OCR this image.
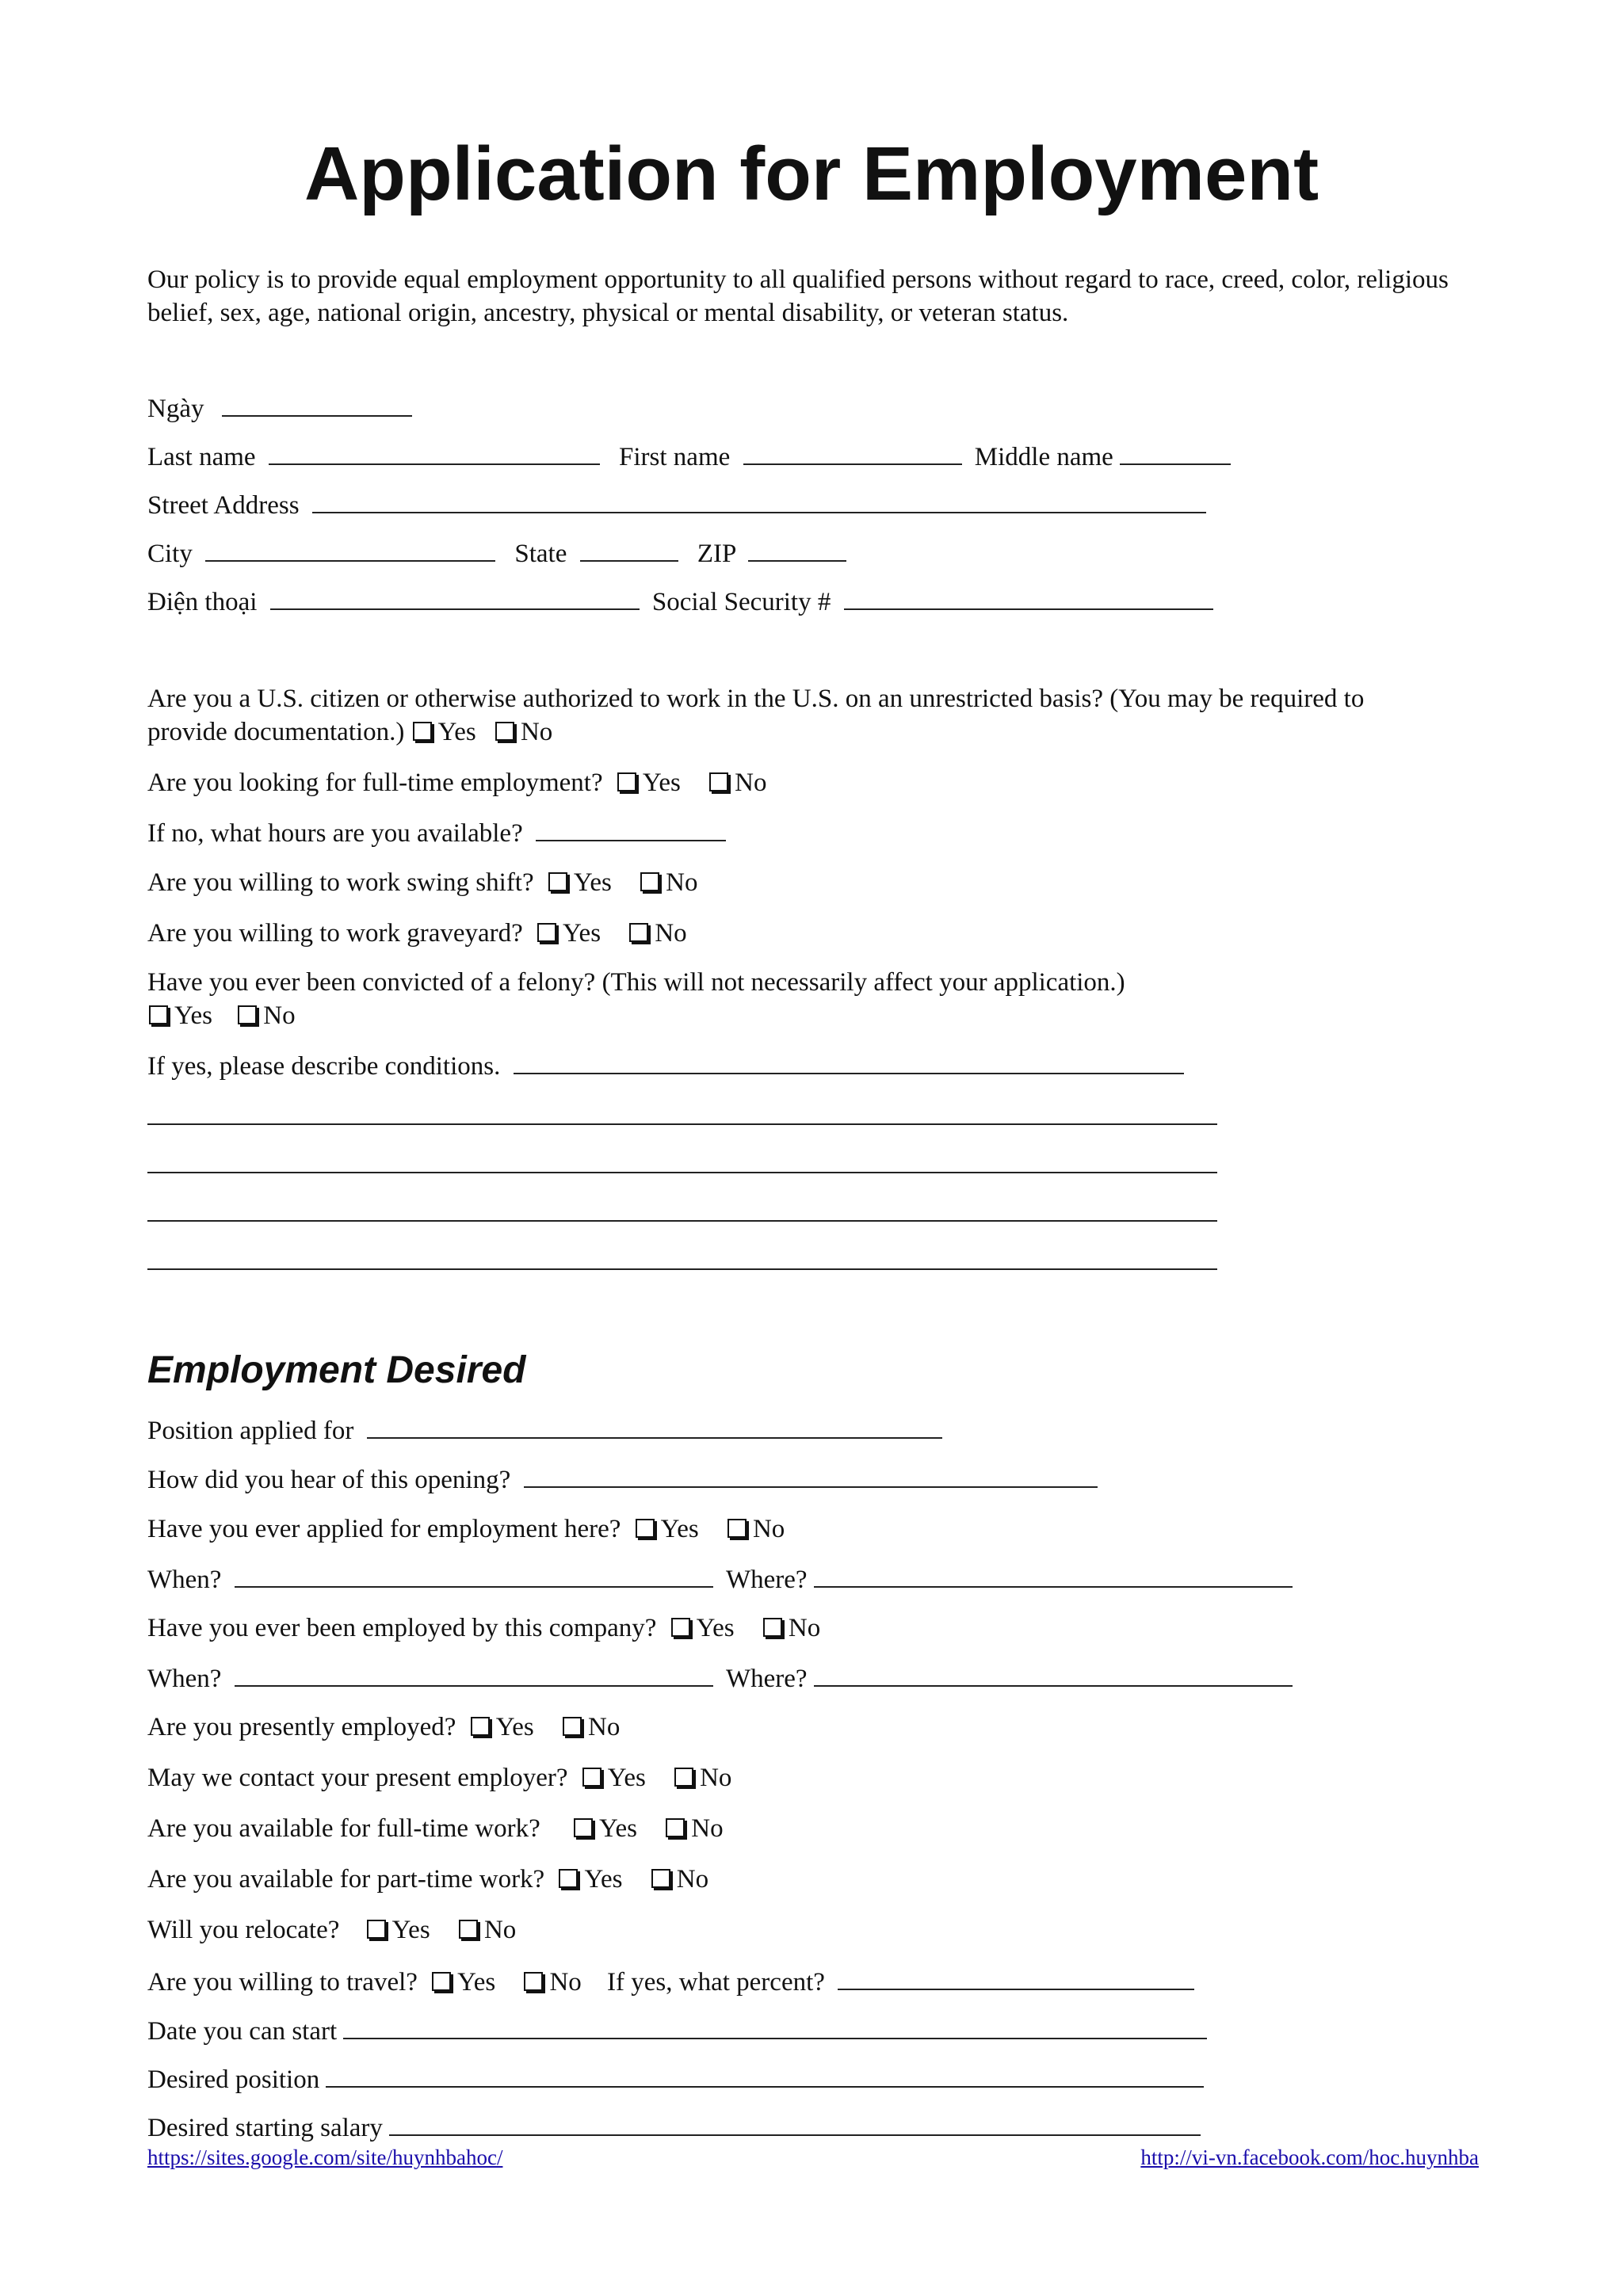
Application for Employment
Our policy is to provide equal employment opportunity to all qualified persons without regard to race, creed, color, religious belief, sex, age, national origin, ancestry, physical or mental disability, or veteran status.
Ngày
Last name	First name	Middle name
Street Address
City	State	ZIP
Điện thoại	Social Security #
Are you a U.S. citizen or otherwise authorized to work in the U.S. on an unrestricted basis? (You may be required to
provide documentation.) Yes No
Are you looking for full-time employment? Yes No
If no, what hours are you available?
Are you willing to work swing shift? Yes No
Are you willing to work graveyard? Yes No
Have you ever been convicted of a felony? (This will not necessarily affect your application.)
Yes No
If yes, please describe conditions.
Employment Desired
Position applied for
How did you hear of this opening?
Have you ever applied for employment here? Yes No
When?	Where?
Have you ever been employed by this company? Yes No
When?	Where?
Are you presently employed? Yes No
May we contact your present employer? Yes No
Are you available for full-time work? Yes No
Are you available for part-time work? Yes No
Will you relocate? Yes No
Are you willing to travel? Yes No If yes, what percent?
Date you can start
Desired position
Desired starting salary
https://sites.google.com/site/huynhbahoc/	http://vi-vn.facebook.com/hoc.huynhba
